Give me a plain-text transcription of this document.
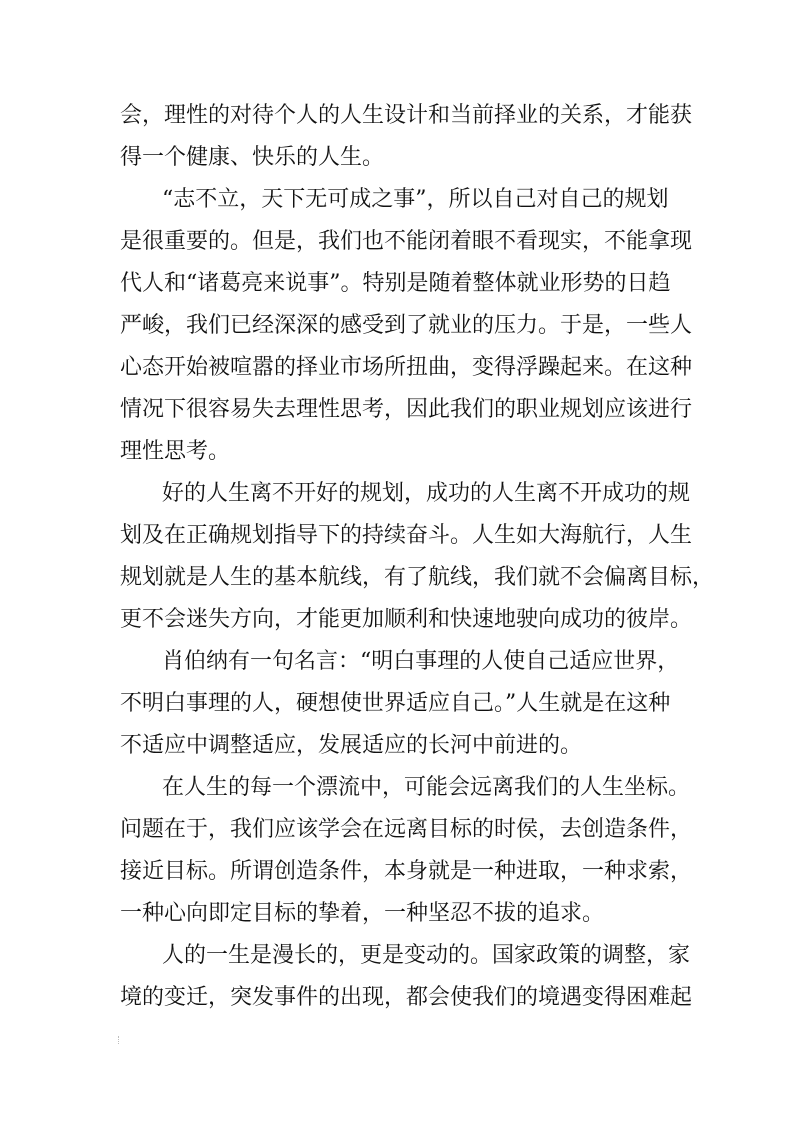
会，理性的对待个人的人生设计和当前择业的关系，才能获
得一个健康、快乐的人生。
“志不立，天下无可成之事”，所以自己对自己的规划
是很重要的。但是，我们也不能闭着眼不看现实，不能拿现
代人和“诸葛亮来说事”。特别是随着整体就业形势的日趋
严峻，我们已经深深的感受到了就业的压力。于是，一些人
心态开始被喧嚣的择业市场所扭曲，变得浮躁起来。在这种
情况下很容易失去理性思考，因此我们的职业规划应该进行
理性思考。
好的人生离不开好的规划，成功的人生离不开成功的规
划及在正确规划指导下的持续奋斗。人生如大海航行，人生
规划就是人生的基本航线，有了航线，我们就不会偏离目标，
更不会迷失方向，才能更加顺利和快速地驶向成功的彼岸。
肖伯纳有一句名言：“明白事理的人使自己适应世界，
不明白事理的人，硬想使世界适应自己。”人生就是在这种
不适应中调整适应，发展适应的长河中前进的。
在人生的每一个漂流中，可能会远离我们的人生坐标。
问题在于，我们应该学会在远离目标的时侯，去创造条件，
接近目标。所谓创造条件，本身就是一种进取，一种求索，
一种心向即定目标的挚着，一种坚忍不拔的追求。
人的一生是漫长的，更是变动的。国家政策的调整，家
境的变迁，突发事件的出现，都会使我们的境遇变得困难起
